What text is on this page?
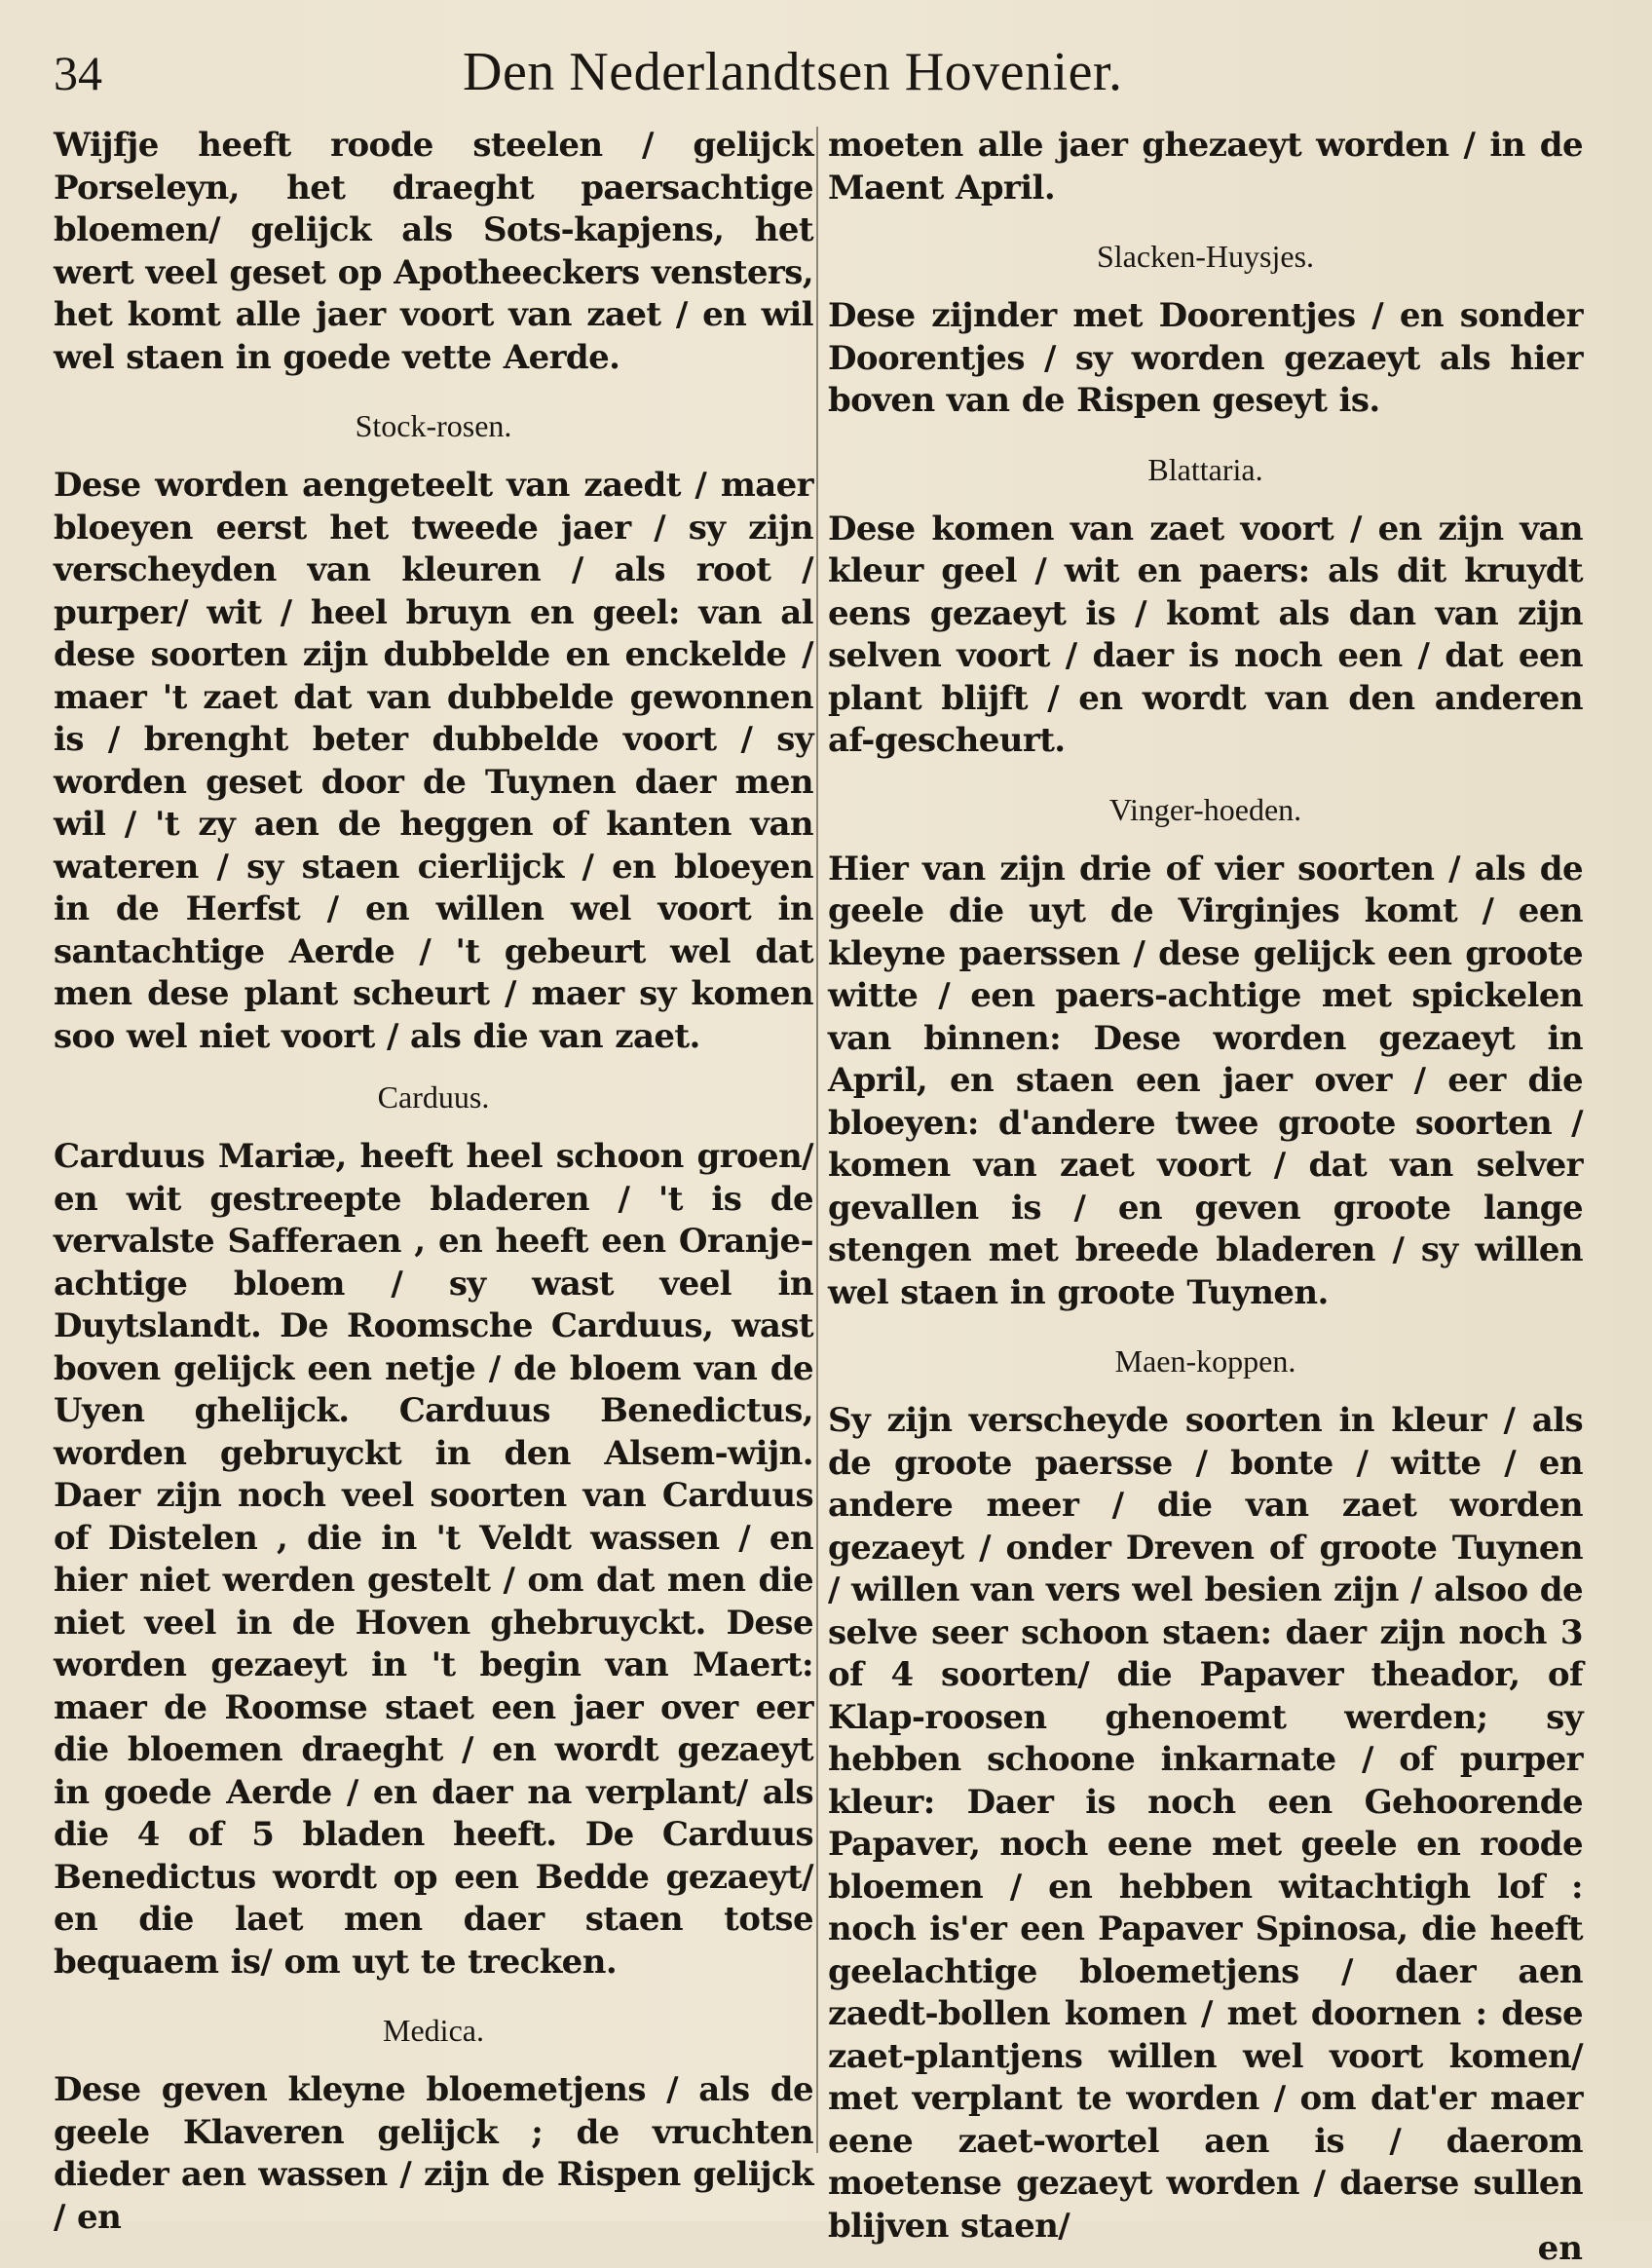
34	Den Nederlandtsen Hovenier.

Wijfje heeft roode steelen / gelijck Porseleyn, het draeght paersachtige bloemen/ gelijck als Sots-kapjens, het wert veel geset op Apotheeckers vensters, het komt alle jaer voort van zaet / en wil wel staen in goede vette Aerde.

Stock-rosen.

Dese worden aengeteelt van zaedt / maer bloeyen eerst het tweede jaer / sy zijn verscheyden van kleuren / als root / purper/ wit / heel bruyn en geel: van al dese soorten zijn dubbelde en enckelde / maer 't zaet dat van dubbelde gewonnen is / brenght beter dubbelde voort / sy worden geset door de Tuynen daer men wil / 't zy aen de heggen of kanten van wateren / sy staen cierlijck / en bloeyen in de Herfst / en willen wel voort in santachtige Aerde / 't gebeurt wel dat men dese plant scheurt / maer sy komen soo wel niet voort / als die van zaet.

Carduus.

Carduus Mariæ, heeft heel schoon groen/ en wit gestreepte bladeren / 't is de vervalste Safferaen , en heeft een Oranje-achtige bloem / sy wast veel in Duytslandt. De Roomsche Carduus, wast boven gelijck een netje / de bloem van de Uyen ghelijck. Carduus Benedictus, worden gebruyckt in den Alsem-wijn. Daer zijn noch veel soorten van Carduus of Distelen , die in 't Veldt wassen / en hier niet werden gestelt / om dat men die niet veel in de Hoven ghebruyckt. Dese worden gezaeyt in 't begin van Maert: maer de Roomse staet een jaer over eer die bloemen draeght / en wordt gezaeyt in goede Aerde / en daer na verplant/ als die 4 of 5 bladen heeft. De Carduus Benedictus wordt op een Bedde gezaeyt/ en die laet men daer staen totse bequaem is/ om uyt te trecken.

Medica.

Dese geven kleyne bloemetjens / als de geele Klaveren gelijck ; de vruchten dieder aen wassen / zijn de Rispen gelijck / en

moeten alle jaer ghezaeyt worden / in de Maent April.

Slacken-Huysjes.

Dese zijnder met Doorentjes / en sonder Doorentjes / sy worden gezaeyt als hier boven van de Rispen geseyt is.

Blattaria.

Dese komen van zaet voort / en zijn van kleur geel / wit en paers: als dit kruydt eens gezaeyt is / komt als dan van zijn selven voort / daer is noch een / dat een plant blijft / en wordt van den anderen af-gescheurt.

Vinger-hoeden.

Hier van zijn drie of vier soorten / als de geele die uyt de Virginjes komt / een kleyne paerssen / dese gelijck een groote witte / een paers-achtige met spickelen van binnen: Dese worden gezaeyt in April, en staen een jaer over / eer die bloeyen: d'andere twee groote soorten / komen van zaet voort / dat van selver gevallen is / en geven groote lange stengen met breede bladeren / sy willen wel staen in groote Tuynen.

Maen-koppen.

Sy zijn verscheyde soorten in kleur / als de groote paersse / bonte / witte / en andere meer / die van zaet worden gezaeyt / onder Dreven of groote Tuynen / willen van vers wel besien zijn / alsoo de selve seer schoon staen: daer zijn noch 3 of 4 soorten/ die Papaver theador, of Klap-roosen ghenoemt werden; sy hebben schoone inkarnate / of purper kleur: Daer is noch een Gehoorende Papaver, noch eene met geele en roode bloemen / en hebben witachtigh lof : noch is'er een Papaver Spinosa, die heeft geelachtige bloemetjens / daer aen zaedt-bollen komen / met doornen : dese zaet-plantjens willen wel voort komen/ met verplant te worden / om dat'er maer eene zaet-wortel aen is / daerom moetense gezaeyt worden / daerse sullen blijven staen/

en
